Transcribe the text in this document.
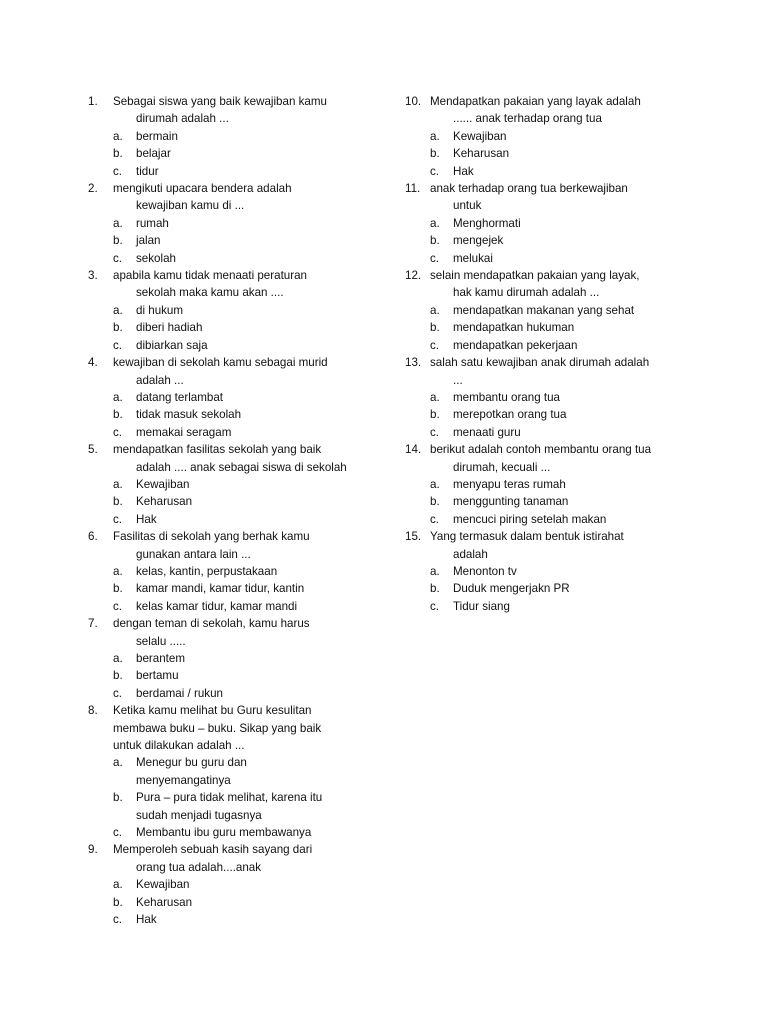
1. Sebagai siswa yang baik kewajiban kamu
dirumah adalah ...
a. bermain
b. belajar
c. tidur
2. mengikuti upacara bendera adalah
kewajiban kamu di ...
a. rumah
b. jalan
c. sekolah
3. apabila kamu tidak menaati peraturan
sekolah maka kamu akan ....
a. di hukum
b. diberi hadiah
c. dibiarkan saja
4. kewajiban di sekolah kamu sebagai murid
adalah ...
a. datang terlambat
b. tidak masuk sekolah
c. memakai seragam
5. mendapatkan fasilitas sekolah yang baik
adalah .... anak sebagai siswa di sekolah
a. Kewajiban
b. Keharusan
c. Hak
6. Fasilitas di sekolah yang berhak kamu
gunakan antara lain ...
a. kelas, kantin, perpustakaan
b. kamar mandi, kamar tidur, kantin
c. kelas kamar tidur, kamar mandi
7. dengan teman di sekolah, kamu harus
selalu .....
a. berantem
b. bertamu
c. berdamai / rukun
8. Ketika kamu melihat bu Guru kesulitan
membawa buku – buku. Sikap yang baik
untuk dilakukan adalah ...
a. Menegur bu guru dan
menyemangatinya
b. Pura – pura tidak melihat, karena itu
sudah menjadi tugasnya
c. Membantu ibu guru membawanya
9. Memperoleh sebuah kasih sayang dari
orang tua adalah....anak
a. Kewajiban
b. Keharusan
c. Hak
10. Mendapatkan pakaian yang layak adalah
...... anak terhadap orang tua
a. Kewajiban
b. Keharusan
c. Hak
11. anak terhadap orang tua berkewajiban
untuk
a. Menghormati
b. mengejek
c. melukai
12. selain mendapatkan pakaian yang layak,
hak kamu dirumah adalah ...
a. mendapatkan makanan yang sehat
b. mendapatkan hukuman
c. mendapatkan pekerjaan
13. salah satu kewajiban anak dirumah adalah
...
a. membantu orang tua
b. merepotkan orang tua
c. menaati guru
14. berikut adalah contoh membantu orang tua
dirumah, kecuali ...
a. menyapu teras rumah
b. menggunting tanaman
c. mencuci piring setelah makan
15. Yang termasuk dalam bentuk istirahat
adalah
a. Menonton tv
b. Duduk mengerjakn PR
c. Tidur siang
